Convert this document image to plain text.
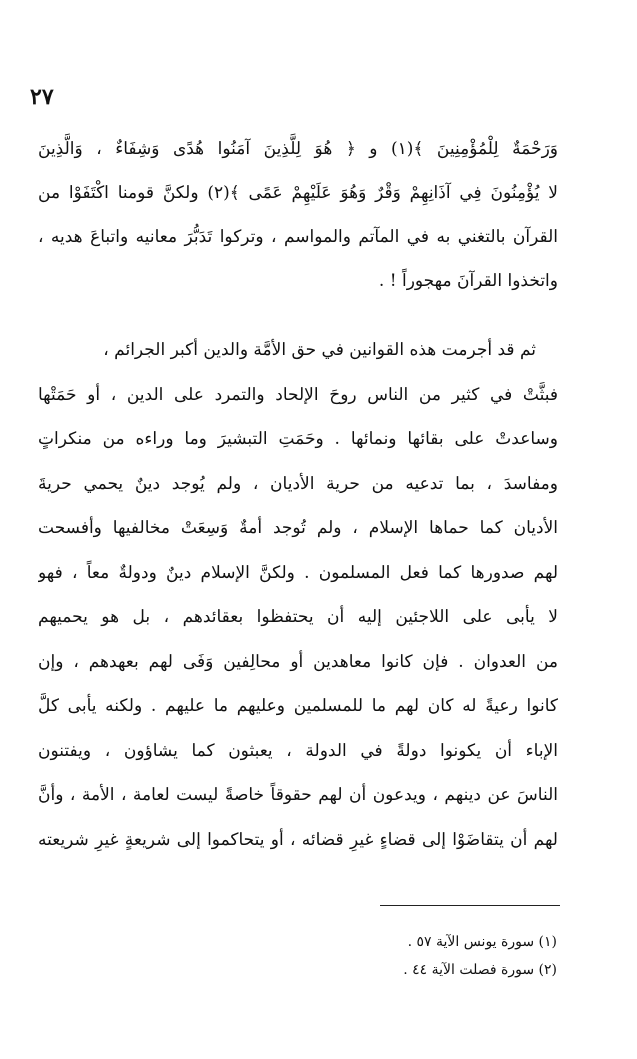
٢٧
وَرَحْمَةٌ لِلْمُؤْمِنِينَ ﴾(١) و ﴿ هُوَ لِلَّذِينَ آمَنُوا هُدًى وَشِفَاءٌ ، وَالَّذِينَ
لا يُؤْمِنُونَ فِي آذَانِهِمْ وَقْرٌ وَهُوَ عَلَيْهِمْ عَمًى ﴾(٢) ولكنَّ قومنا اكْتَفَوْا من
القرآن بالتغني به في المآتم والمواسم ، وتركوا تَدَبُّرَ معانيه واتباعَ هديه ،
واتخذوا القرآنَ مهجوراً ! .
ثم قد أجرمت هذه القوانين في حق الأمَّة والدين أكبر الجرائم ،
فبثَّتْ في كثير من الناس روحَ الإلحاد والتمرد على الدين ، أو حَمَتْها
وساعدتْ على بقائها ونمائها . وحَمَتِ التبشيرَ وما وراءه من منكراتٍ
ومفاسدَ ، بما تدعيه من حرية الأديان ، ولم يُوجد دينٌ يحمي حريةَ
الأديان كما حماها الإسلام ، ولم تُوجد أمةٌ وَسِعَتْ مخالفيها وأفسحت
لهم صدورها كما فعل المسلمون . ولكنَّ الإسلام دينٌ ودولةٌ معاً ، فهو
لا يأبى على اللاجئين إليه أن يحتفظوا بعقائدهم ، بل هو يحميهم
من العدوان . فإن كانوا معاهدين أو محالِفين وَفَى لهم بعهدهم ، وإن
كانوا رعيةً له كان لهم ما للمسلمين وعليهم ما عليهم . ولكنه يأبى كلَّ
الإباء أن يكونوا دولةً في الدولة ، يعبثون كما يشاؤون ، ويفتنون
الناسَ عن دينهم ، ويدعون أن لهم حقوقاً خاصةً ليست لعامة ، الأمة ، وأنَّ
لهم أن يتقاضَوْا إلى قضاءٍ غيرِ قضائه ، أو يتحاكموا إلى شريعةٍ غيرِ شريعته
(١) سورة يونس الآية ٥٧ .
(٢) سورة فصلت الآية ٤٤ .
